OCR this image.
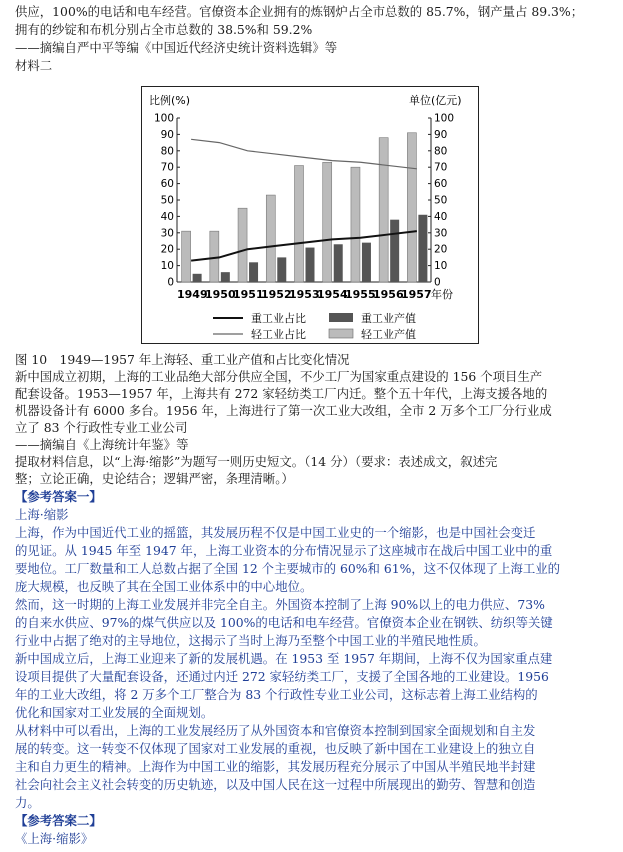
供应，100%的电话和电车经营。官僚资本企业拥有的炼钢炉占全市总数的 85.7%，钢产量占 89.3%；
拥有的纱锭和布机分别占全市总数的 38.5%和 59.2%
——摘编自严中平等编《中国近代经济史统计资料选辑》等
材料二
比例(%)	单位(亿元)
0	0
10	10
20	20
30	30
40	40
50	50
60	60
70	70
80	80
90	90
100	100
1949
1950
1951
1952
1953
1954
1955
1956
1957 年份
重工业占比	重工业产值
轻工业占比	轻工业产值
图 10　1949—1957 年上海轻、重工业产值和占比变化情况
新中国成立初期，上海的工业品绝大部分供应全国，不少工厂为国家重点建设的 156 个项目生产
配套设备。1953—1957 年，上海共有 272 家轻纺类工厂内迁。整个五十年代，上海支援各地的
机器设备计有 6000 多台。1956 年，上海进行了第一次工业大改组，全市 2 万多个工厂分行业成
立了 83 个行政性专业工业公司
——摘编自《上海统计年鉴》等
提取材料信息，以“上海·缩影”为题写一则历史短文。（14 分）（要求：表述成文，叙述完
整；立论正确，史论结合；逻辑严密，条理清晰。）
【参考答案一】
上海·缩影
上海，作为中国近代工业的摇篮，其发展历程不仅是中国工业史的一个缩影，也是中国社会变迁
的见证。从 1945 年至 1947 年，上海工业资本的分布情况显示了这座城市在战后中国工业中的重
要地位。工厂数量和工人总数占据了全国 12 个主要城市的 60%和 61%，这不仅体现了上海工业的
庞大规模，也反映了其在全国工业体系中的中心地位。
然而，这一时期的上海工业发展并非完全自主。外国资本控制了上海 90%以上的电力供应、73%
的自来水供应、97%的煤气供应以及 100%的电话和电车经营。官僚资本企业在钢铁、纺织等关键
行业中占据了绝对的主导地位，这揭示了当时上海乃至整个中国工业的半殖民地性质。
新中国成立后，上海工业迎来了新的发展机遇。在 1953 至 1957 年期间，上海不仅为国家重点建
设项目提供了大量配套设备，还通过内迁 272 家轻纺类工厂，支援了全国各地的工业建设。1956
年的工业大改组，将 2 万多个工厂整合为 83 个行政性专业工业公司，这标志着上海工业结构的
优化和国家对工业发展的全面规划。
从材料中可以看出，上海的工业发展经历了从外国资本和官僚资本控制到国家全面规划和自主发
展的转变。这一转变不仅体现了国家对工业发展的重视，也反映了新中国在工业建设上的独立自
主和自力更生的精神。上海作为中国工业的缩影，其发展历程充分展示了中国从半殖民地半封建
社会向社会主义社会转变的历史轨迹，以及中国人民在这一过程中所展现出的勤劳、智慧和创造
力。
【参考答案二】
《上海·缩影》
